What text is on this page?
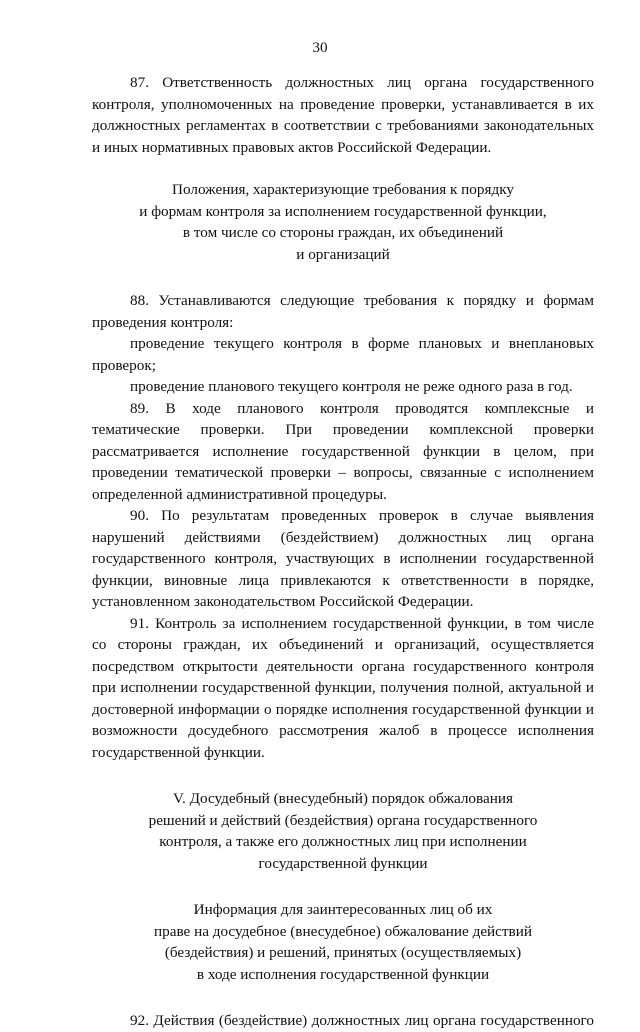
30

87. Ответственность должностных лиц органа государственного

контроля, уполномоченных на проведение проверки, устанавливается в их

должностных регламентах в соответствии с требованиями законодательных

и иных нормативных правовых актов Российской Федерации.

Положения, характеризующие требования к порядку

и формам контроля за исполнением государственной функции,

в том числе со стороны граждан, их объединений

и организаций

88. Устанавливаются следующие требования к порядку и формам

проведения контроля:

проведение текущего контроля в форме плановых и внеплановых

проверок;

проведение планового текущего контроля не реже одного раза в год.

89. В ходе планового контроля проводятся комплексные и

тематические проверки. При проведении комплексной проверки

рассматривается исполнение государственной функции в целом, при

проведении тематической проверки – вопросы, связанные с исполнением

определенной административной процедуры.

90. По результатам проведенных проверок в случае выявления

нарушений действиями (бездействием) должностных лиц органа

государственного контроля, участвующих в исполнении государственной

функции, виновные лица привлекаются к ответственности в порядке,

установленном законодательством Российской Федерации.

91. Контроль за исполнением государственной функции, в том числе

со стороны граждан, их объединений и организаций, осуществляется

посредством открытости деятельности органа государственного контроля

при исполнении государственной функции, получения полной, актуальной и

достоверной информации о порядке исполнения государственной функции и

возможности досудебного рассмотрения жалоб в процессе исполнения

государственной функции.

V. Досудебный (внесудебный) порядок обжалования

решений и действий (бездействия) органа государственного

контроля, а также его должностных лиц при исполнении

государственной функции

Информация для заинтересованных лиц об их

праве на досудебное (внесудебное) обжалование действий

(бездействия) и решений, принятых (осуществляемых)

в ходе исполнения государственной функции

92. Действия (бездействие) должностных лиц органа государственного
